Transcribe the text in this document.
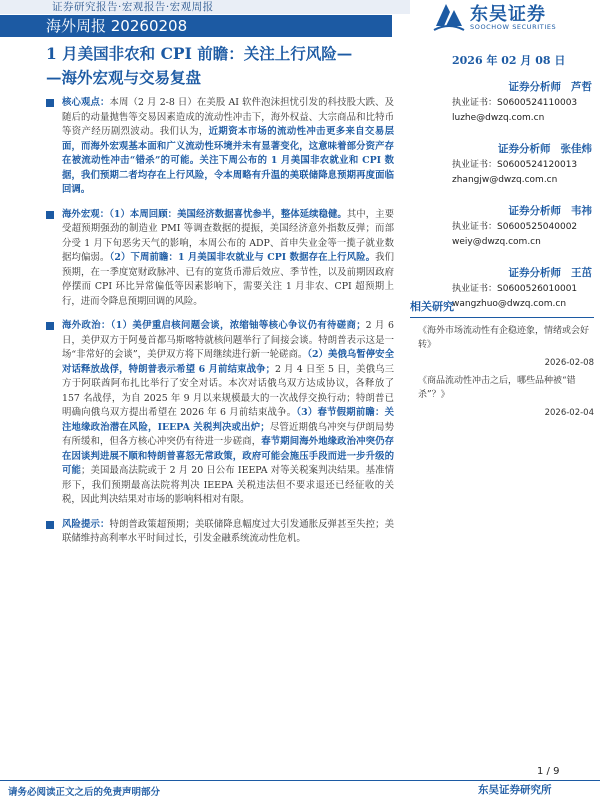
证券研究报告·宏观报告·宏观周报
海外周报 20260208
东吴证券
SOOCHOW SECURITIES
1 月美国非农和 CPI 前瞻：关注上行风险—
—海外宏观与交易复盘
2026 年 02 月 08 日
证券分析师 芦哲
执业证书：S0600524110003
luzhe@dwzq.com.cn
证券分析师 张佳炜
执业证书：S0600524120013
zhangjw@dwzq.com.cn
证券分析师 韦祎
执业证书：S0600525040002
weiy@dwzq.com.cn
证券分析师 王茁
执业证书：S0600526010001
wangzhuo@dwzq.com.cn
核心观点：本周（2 月 2-8 日）在美股 AI 软件泡沫担忧引发的科技股大跌、及随后的动量抛售等交易因素造成的流动性冲击下，海外权益、大宗商品和比特币等资产经历剧烈波动。我们认为，近期资本市场的流动性冲击更多来自交易层面，而海外宏观基本面和广义流动性环境并未有显著变化，这意味着部分资产存在被流动性冲击“错杀”的可能。关注下周公布的 1 月美国非农就业和 CPI 数据，我们预期二者均存在上行风险，令本周略有升温的美联储降息预期再度面临回调。
海外宏观：（1）本周回顾：美国经济数据喜忧参半，整体延续稳健。其中，主要受超预期强劲的制造业 PMI 等调查数据的提振，美国经济意外指数反弹；而部分受 1 月下旬恶劣天气的影响，本周公布的 ADP、首申失业金等一揽子就业数据均偏弱。（2）下周前瞻：1 月美国非农就业与 CPI 数据存在上行风险。我们预期，在一季度宽财政脉冲、已有的宽货币滞后效应、季节性，以及前期因政府停摆而 CPI 环比异常偏低等因素影响下，需要关注 1 月非农、CPI 超预期上行，进而令降息预期回调的风险。
海外政治：（1）美伊重启核问题会谈，浓缩铀等核心争议仍有待磋商；2 月 6 日，美伊双方于阿曼首都马斯喀特就核问题举行了间接会谈。特朗普表示这是一场“非常好的会谈”，美伊双方将下周继续进行新一轮磋商。（2）美俄乌暂停安全对话释放战俘，特朗普表示希望 6 月前结束战争；2 月 4 日至 5 日，美俄乌三方于阿联酋阿布扎比举行了安全对话。本次对话俄乌双方达成协议，各释放了 157 名战俘，为自 2025 年 9 月以来规模最大的一次战俘交换行动；特朗普已明确向俄乌双方提出希望在 2026 年 6 月前结束战争。（3）春节假期前瞻：关注地缘政治潜在风险，IEEPA 关税判决或出炉；尽管近期俄乌冲突与伊朗局势有所缓和，但各方核心冲突仍有待进一步磋商，春节期间海外地缘政治冲突仍存在因谈判进展不顺和特朗普喜怒无常政策，政府可能会施压手段而进一步升级的可能；美国最高法院或于 2 月 20 日公布 IEEPA 对等关税案判决结果。基准情形下，我们预期最高法院将判决 IEEPA 关税违法但不要求退还已经征收的关税，因此判决结果对市场的影响料相对有限。
风险提示：特朗普政策超预期；美联储降息幅度过大引发通胀反弹甚至失控；美联储维持高利率水平时间过长，引发金融系统流动性危机。
相关研究
《海外市场流动性有企稳迹象，情绪或会好转》
2026-02-08
《商品流动性冲击之后，哪些品种被“错杀”？》
2026-02-04
1 / 9
请务必阅读正文之后的免责声明部分	东吴证券研究所
